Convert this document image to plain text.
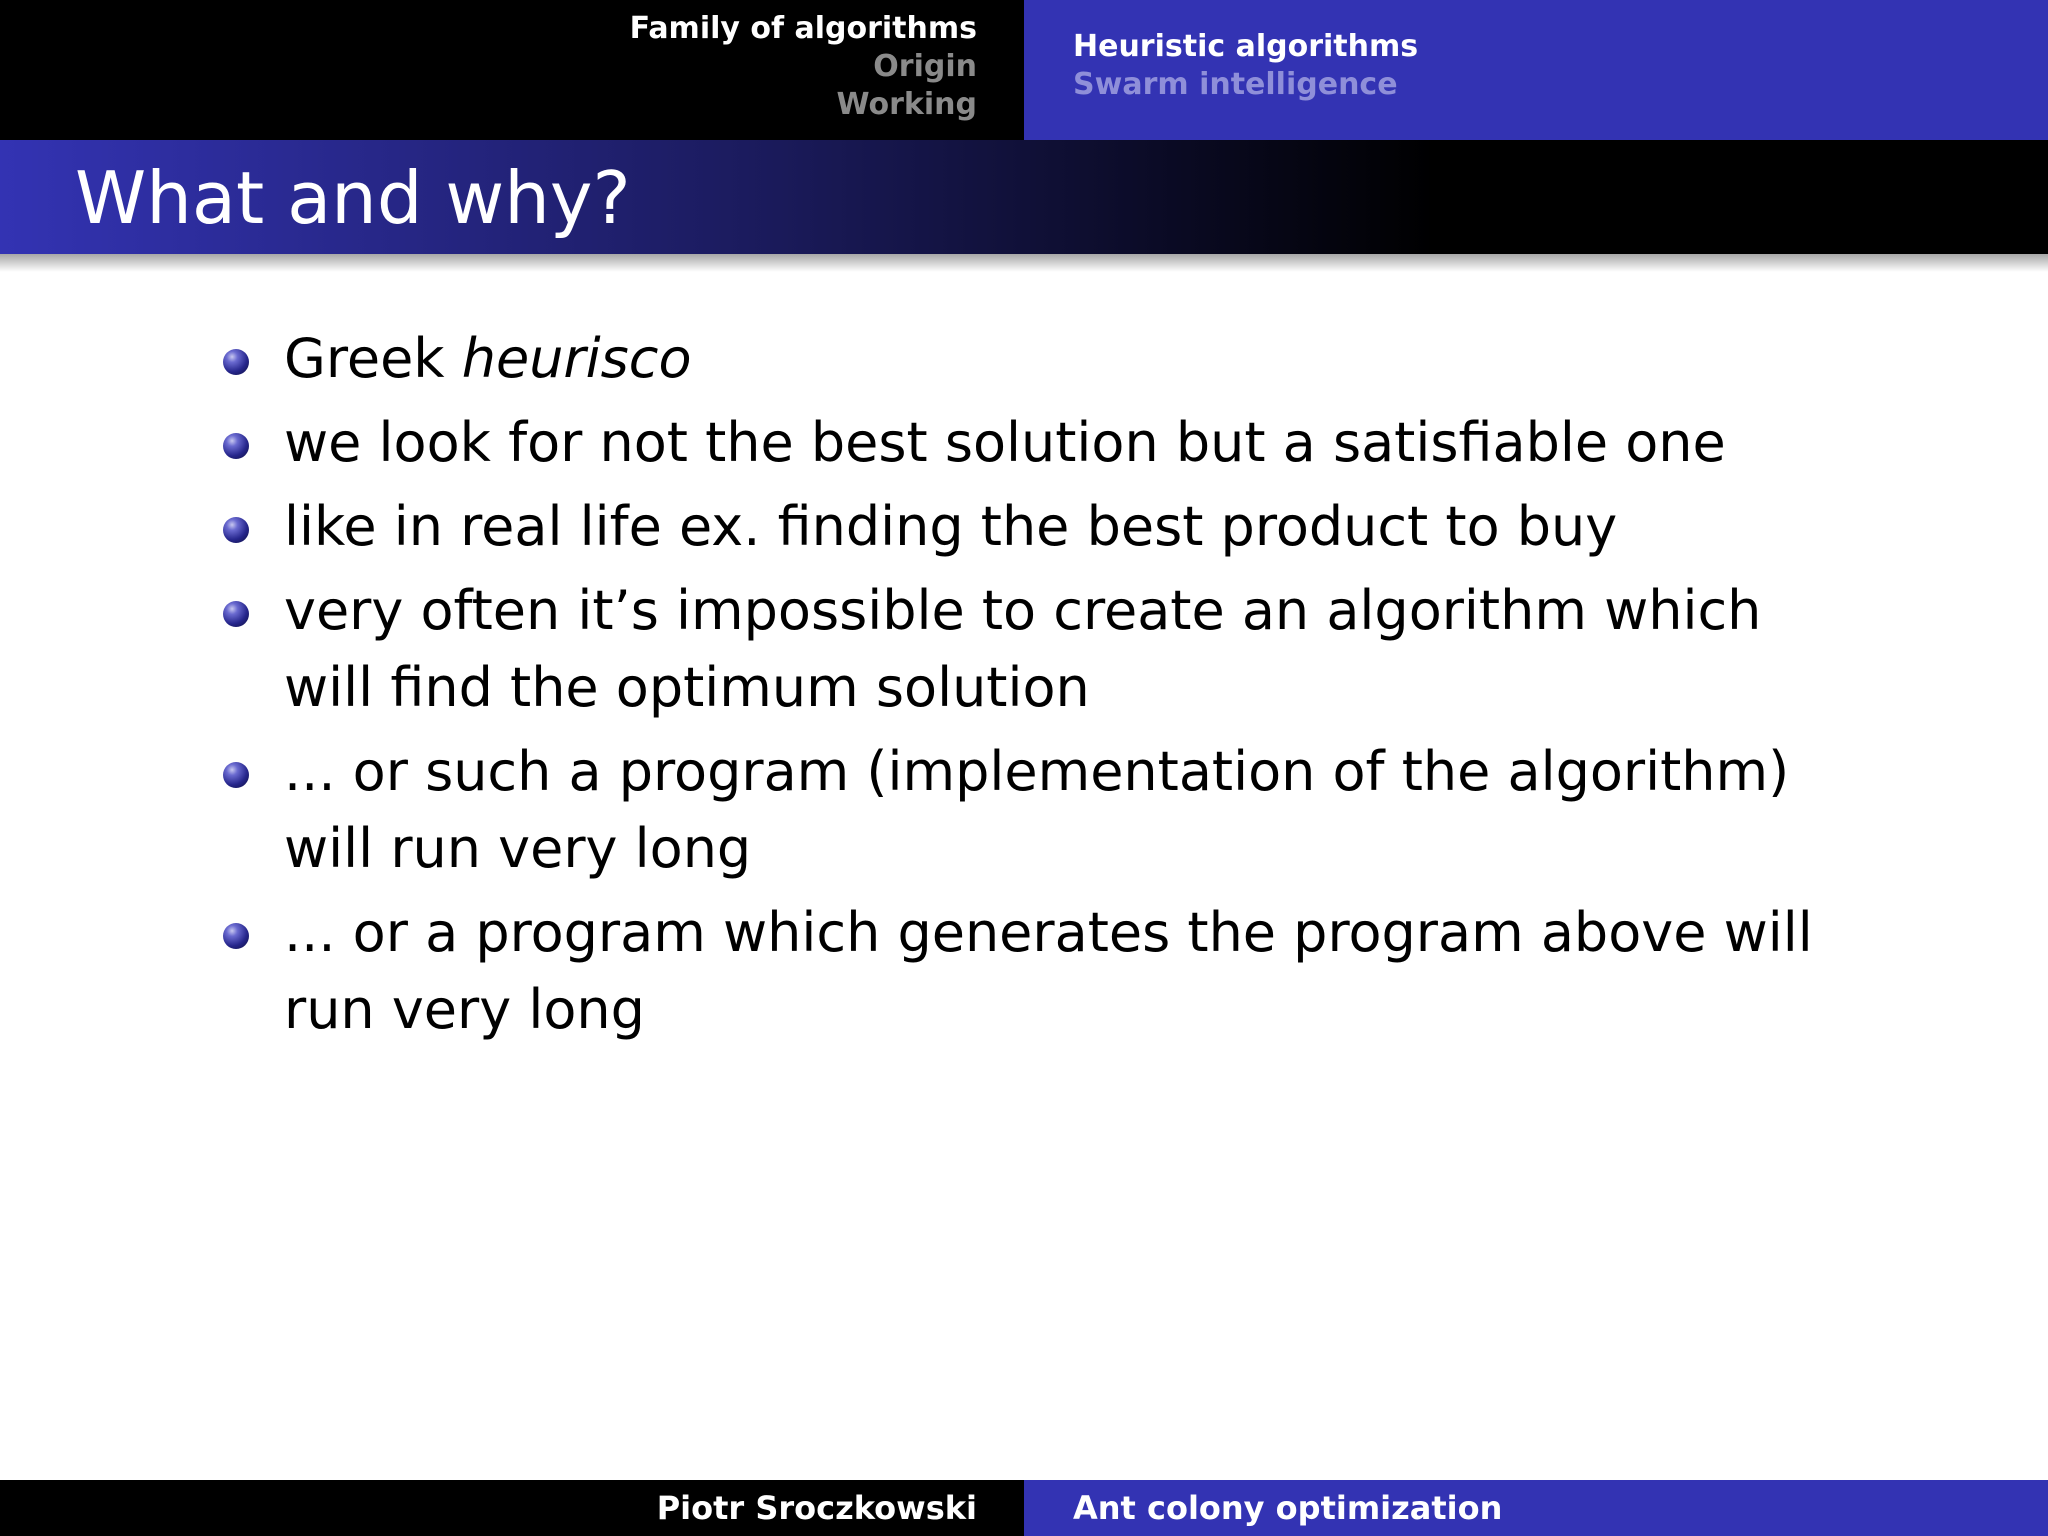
Family of algorithms
Origin
Working
Heuristic algorithms
Swarm intelligence
What and why?
Greek heurisco
we look for not the best solution but a satisfiable one
like in real life ex. finding the best product to buy
very often it’s impossible to create an algorithm which will find the optimum solution
... or such a program (implementation of the algorithm) will run very long
... or a program which generates the program above will run very long
Piotr Sroczkowski	Ant colony optimization
